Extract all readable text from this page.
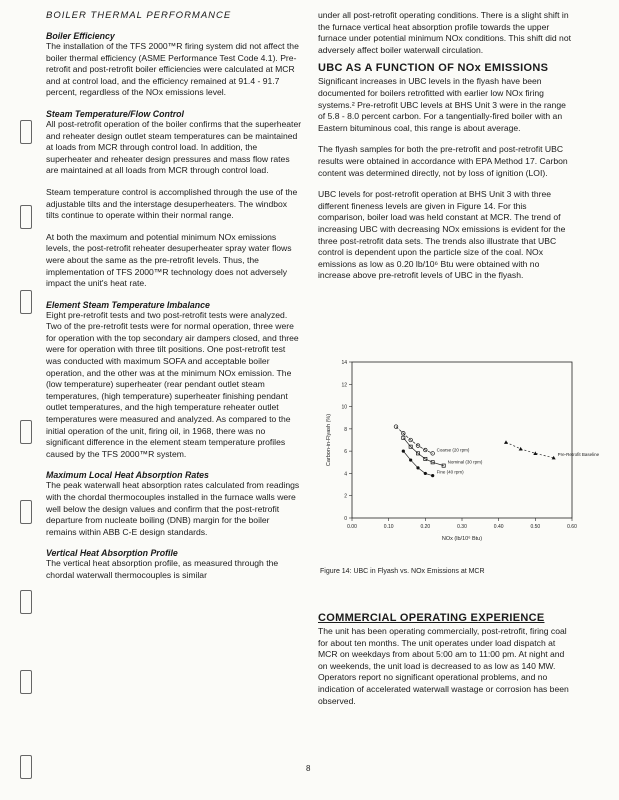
BOILER THERMAL PERFORMANCE
Boiler Efficiency

The installation of the TFS 2000™R firing system did not affect the boiler thermal efficiency (ASME Performance Test Code 4.1). Pre-retrofit and post-retrofit boiler efficiencies were calculated at MCR and at control load, and the efficiency remained at 91.4 - 91.7 percent, regardless of the NOx emissions level.

Steam Temperature/Flow Control

All post-retrofit operation of the boiler confirms that the superheater and reheater design outlet steam temperatures can be maintained at loads from MCR through control load. In addition, the superheater and reheater design pressures and mass flow rates are maintained at all loads from MCR through control load.

Steam temperature control is accomplished through the use of the adjustable tilts and the interstage desuperheaters. The windbox tilts continue to operate within their normal range.

At both the maximum and potential minimum NOx emissions levels, the post-retrofit reheater desuperheater spray water flows were about the same as the pre-retrofit levels. Thus, the implementation of TFS 2000™R technology does not adversely impact the unit's heat rate.

Element Steam Temperature Imbalance

Eight pre-retrofit tests and two post-retrofit tests were analyzed. Two of the pre-retrofit tests were for normal operation, three were for operation with the top secondary air dampers closed, and three were for operation with three tilt positions. One post-retrofit test was conducted with maximum SOFA and acceptable boiler operation, and the other was at the minimum NOx emission. The (low temperature) superheater (rear pendant outlet steam temperatures, (high temperature) superheater finishing pendant outlet temperatures, and the high temperature reheater outlet temperatures were measured and analyzed. As compared to the initial operation of the unit, firing oil, in 1968, there was no significant difference in the element steam temperature profiles caused by the TFS 2000™R system.

Maximum Local Heat Absorption Rates

The peak waterwall heat absorption rates calculated from readings with the chordal thermocouples installed in the furnace walls were well below the design values and confirm that the post-retrofit departure from nucleate boiling (DNB) margin for the boiler remains within ABB C-E design standards.

Vertical Heat Absorption Profile

The vertical heat absorption profile, as measured through the chordal waterwall thermocouples is similar

under all post-retrofit operating conditions. There is a slight shift in the furnace vertical heat absorption profile towards the upper furnace under potential minimum NOx conditions. This shift did not adversely affect boiler waterwall circulation.

UBC AS A FUNCTION OF NOx EMISSIONS

Significant increases in UBC levels in the flyash have been documented for boilers retrofitted with earlier low NOx firing systems.² Pre-retrofit UBC levels at BHS Unit 3 were in the range of 5.8 - 8.0 percent carbon. For a tangentially-fired boiler with an Eastern bituminous coal, this range is about average.

The flyash samples for both the pre-retrofit and post-retrofit UBC results were obtained in accordance with EPA Method 17. Carbon content was determined directly, not by loss of ignition (LOI).

UBC levels for post-retrofit operation at BHS Unit 3 with three different fineness levels are given in Figure 14. For this comparison, boiler load was held constant at MCR. The trend of increasing UBC with decreasing NOx emissions is evident for the three post-retrofit data sets. The trends also illustrate that UBC control is dependent upon the particle size of the coal. NOx emissions as low as 0.20 lb/10⁶ Btu were obtained with no increase above pre-retrofit levels of UBC in the flyash.

0
2
4
6
8
10
12
14
0.00	0.10	0.20	0.30	0.40	0.50	0.60
NOx (lb/10⁶ Btu)
Carbon-in-Flyash (%)	Coarse (20 rpm)
Nominal (30 rpm)
Fine (40 rpm)
Pre-Retrofit Baseline
Figure 14: UBC in Flyash vs. NOx Emissions at MCR
COMMERCIAL OPERATING EXPERIENCE

The unit has been operating commercially, post-retrofit, firing coal for about ten months. The unit operates under load dispatch at MCR on weekdays from about 5:00 am to 11:00 pm. At night and on weekends, the unit load is decreased to as low as 140 MW. Operators report no significant operational problems, and no indication of accelerated waterwall wastage or corrosion has been observed.

8
